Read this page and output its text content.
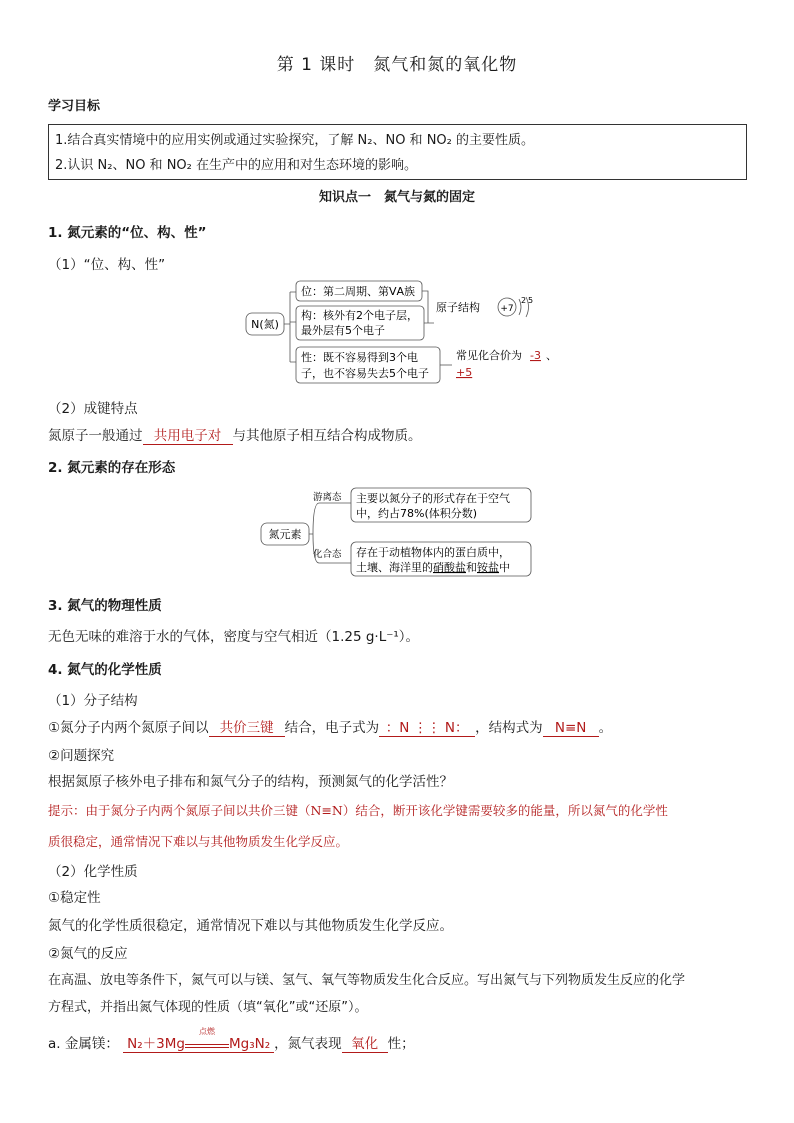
第 1 课时　氮气和氮的氧化物
学习目标
1.结合真实情境中的应用实例或通过实验探究，了解 N₂、NO 和 NO₂ 的主要性质。
2.认识 N₂、NO 和 NO₂ 在生产中的应用和对生态环境的影响。
知识点一　氮气与氮的固定
1. 氮元素的“位、构、性”
（1）“位、构、性”
N(氮)
位：第二周期、第ⅤA族
构：核外有2个电子层，
最外层有5个电子
原子结构 +7
2 5
性：既不容易得到3个电
子，也不容易失去5个电子
常见化合价为 -3 、
+5
（2）成键特点
氮原子一般通过 共用电子对 与其他原子相互结合构成物质。
2. 氮元素的存在形态
氮元素
游离态
化合态
主要以氮分子的形式存在于空气
中，约占78%(体积分数)
存在于动植物体内的蛋白质中，
土壤、海洋里的硝酸盐和铵盐中
3. 氮气的物理性质
无色无味的难溶于水的气体，密度与空气相近（1.25 g·L⁻¹）。
4. 氮气的化学性质
（1）分子结构
①氮分子内两个氮原子间以 共价三键 结合，电子式为 ：N ⋮⋮ N： ，结构式为 N≡N 。
②问题探究
根据氮原子核外电子排布和氮气分子的结构，预测氮气的化学活性？
提示：由于氮分子内两个氮原子间以共价三键（N≡N）结合，断开该化学键需要较多的能量，所以氮气的化学性
质很稳定，通常情况下难以与其他物质发生化学反应。
（2）化学性质
①稳定性
氮气的化学性质很稳定，通常情况下难以与其他物质发生化学反应。
②氮气的反应
在高温、放电等条件下，氮气可以与镁、氢气、氧气等物质发生化合反应。写出氮气与下列物质发生反应的化学
方程式，并指出氮气体现的性质（填“氧化”或“还原”）。
a. 金属镁： N₂＋3Mg
点燃
Mg₃N₂ ，氮气表现 氧化 性；
